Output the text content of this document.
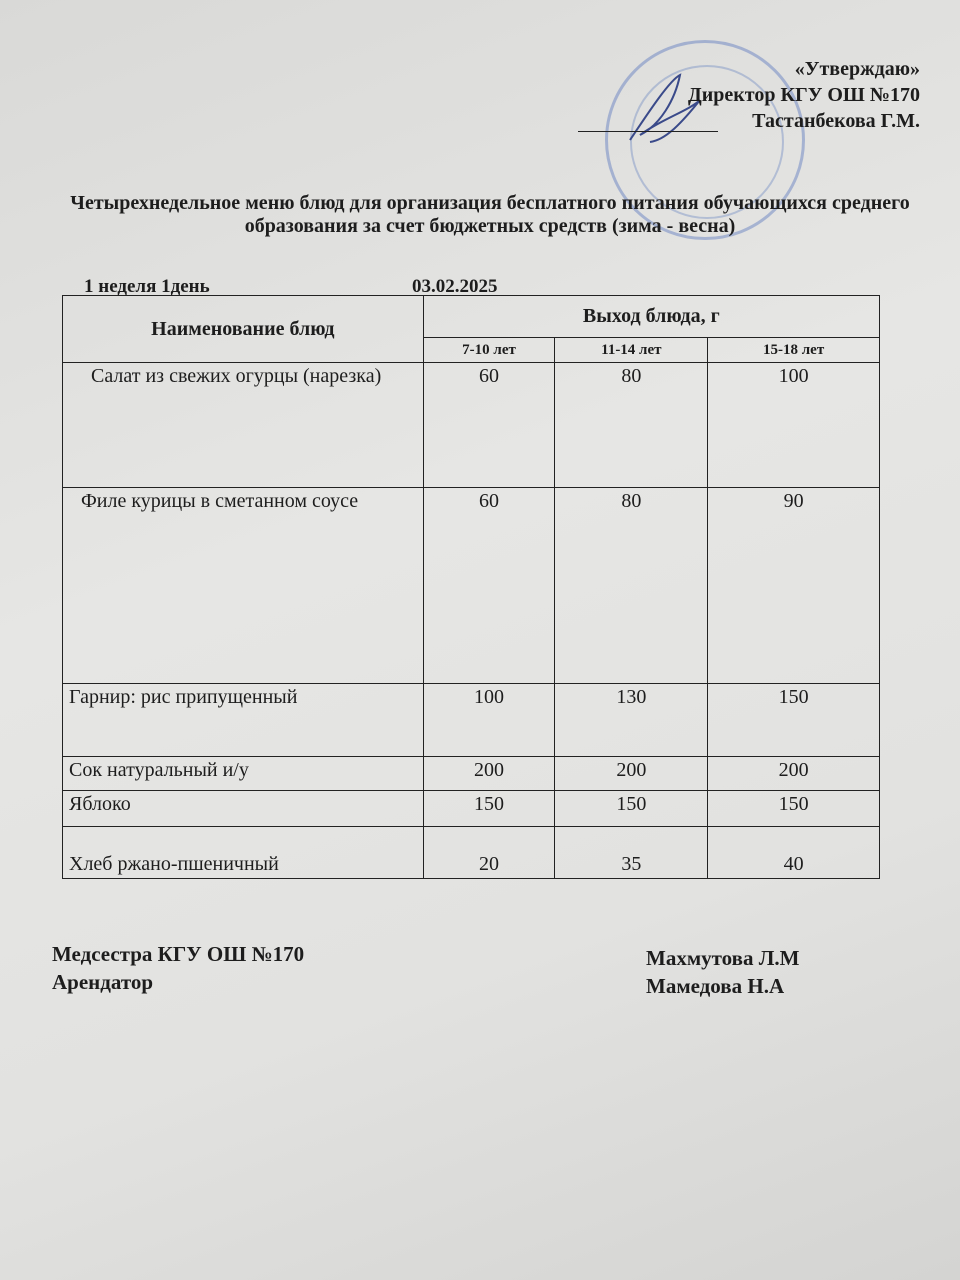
«Утверждаю»
Директор КГУ ОШ №170
Тастанбекова Г.М.
Четырехнедельное меню блюд для организация бесплатного питания обучающихся среднего образования за счет бюджетных средств (зима - весна)
1 неделя 1день	03.02.2025
Наименование блюд	Выход блюда, г		
	7-10 лет	11-14 лет	15-18 лет
Салат из свежих огурцы (нарезка)	60	80	100
Филе курицы в сметанном соусе	60	80	90
Гарнир: рис припущенный	100	130	150
Сок натуральный и/у	200	200	200
Яблоко	150	150	150
Хлеб ржано-пшеничный	20	35	40
Медсестра КГУ ОШ №170
Арендатор
Махмутова Л.М
Мамедова Н.А
